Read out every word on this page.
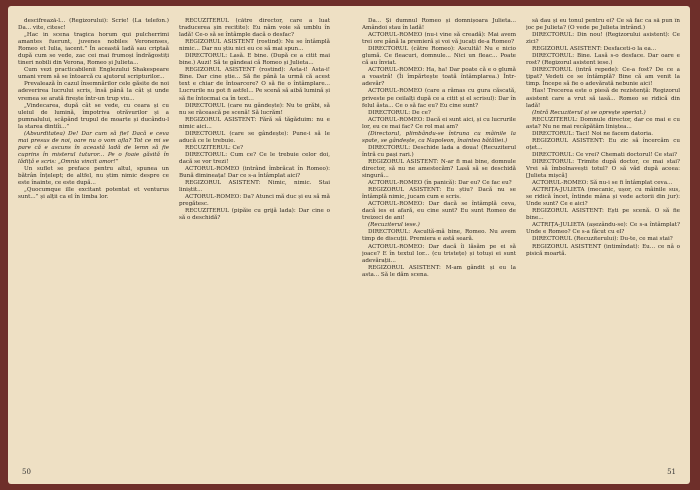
descifrează-l... (Regizorului): Scrie! (La telefon.) Da... vite, citesc!

„Hac in scena tragica horum qui pulcherrimi amantes fuerunt, juvenes nobiles Veronenses, Romeo et Iulia, iacent.” În această ladă sau criptaă după cum se vede, zac cei mai frumoși îndrăgostiți tineri nobili din Verona, Romeo și Julieta...

Cum vezi practicabilenii Englezului Shakespeare umani vrem să se întoarcă cu ajutorul scripturilor...

Prevalează în cazul însemnărilor cele găsite de noi adeverirea lucrului scris, însă până la cât și unde vremea se arată firește într-un trup viu...

„Vindecarea, după cât se vede, cu ceara și cu uleiul de lumină, împotriva otrăvurilor și a pumnalului, scăpând trupul de moarte și ducându-l la starea dintiîi...”

(Absurditatea) De! Dar cum să fie! Dacă e ceva mai presus de noi, oare nu o vom afla? Tot ce mi se pare că e ascuns în această ladă de lemn să fie cuprins în misterul tuturor... Pe o foaie găsită în lădiță e scris: „Omnia vincit amor!”

Un suflet se preface pentru altul, spunea un bătrân înțelept; de altfel, nu știm nimic despre ce este înainte, ce este după...

„Quocumque ille excitant potentat et venturus sunt...” și alții ca el în limba lor.

RECUZITERUL (către director, care a luat traducerea șin recitite): Eu nâm voie să umblu în ladă! Ce-o să se întâmple dacă o desfac?

REGIZORUL ASISTENT (rostind): Nu se întâmplă nimic... Dar nu știu nici eu ce să mai spun...

DIRECTORUL: Lasă. E bine. (După ce a citit mai bine.) Auzi! Să te gândeai că Romeo și Julieta...

REGIZORUL ASISTENT (rostind): Asta-i! Asta-i! Bine. Dar cine știe... Să fie până la urmă că acest text e chiar de întoarcere? O să fie o întâmplare... Lucrurile nu pot fi astfel... Pe scenă să aibă lumină și să fie întocmai ca în text...

DIRECTORUL (care nu gândește): Nu te grăbi, să nu se răcească pe scenă! Să lucrăm!

REGIZORUL ASISTENT: Fără să tăgăduim: nu e nimic aici...

DIRECTORUL (care se gândește): Pune-i să le aducă ce le trebuie.

RECUZITERUL: Ce?

DIRECTORUL: Cum ce? Ce le trebuie celor doi, dacă se vor trezi!

ACTORUL-ROMEO (intrând îmbrăcat în Romeo): Bună dimineața! Dar ce s-a întâmplat aici?

REGIZORUL ASISTENT: Nimic, nimic. Stai liniștit...

ACTORUL-ROMEO: Da? Atunci mă duc și eu să mă pregătesc.

RECUZITERUL (pipăie cu grijă lada): Dar cine o să o deschidă?

50

Da... Și dumnul Romeo și domnișoara Julieta... Amândoi stau în ladă!

ACTORUL-ROMEO (nu-i vine să creadă): Mai avem trei ore până la premieră și voi vă jucați de-a Romeo?

DIRECTORUL (către Romeo): Ascultă! Nu e nicio glumă. Ce fleacuri, domnule... Nici un fleac... Poate că au înviat.

ACTORUL-ROMEO: Ha, ha! Dar poate că e o glumă a voastră! (Îi împărtește toată întâmplarea.) Într-adevăr?

ACTORUL-ROMEO (care a rămas cu gura căscată, priveste pe ceilalți după ce a citit și el scrisul): Dar în felul ăsta... Ce o să fac eu? Eu cine sunt?

DIRECTORUL: De ce?

ACTORUL-ROMEO: Dacă ei sunt aici, și cu lucrurile lor, eu ce mai fac? Ce rol mai am?

(Directorul, plimbându-se întruna cu mâinile la spate, se gândește, ca Napoleon, înaintea bătăliei.)

DIRECTORUL: Deschide lada a doua! (Recuziterul întră cu pași rari.)

REGIZORUL ASISTENT: N-ar fi mai bine, domnule director, să nu ne amestecăm? Lasă să se deschidă singură...

ACTORUL-ROMEO (în panică): Dar eu? Ce fac eu?

REGIZORUL ASISTENT: Eu știu? Dacă nu se întâmplă nimic, jucam cum e scris.

ACTORUL-ROMEO: Dar dacă se întâmplă ceva, dacă ies ei afară, eu cine sunt? Eu sunt Romeo de treizeci de ani!

(Recuziterul iese.)

DIRECTORUL: Ascultă-mă bine, Romeo. Nu avem timp de discuții. Premiera e astă seară.

ACTORUL-ROMEO: Dar dacă îi lăsăm pe ei să joace? E în textul lor... (cu tristețe) și totuși ei sunt adevărații...

REGIZORUL ASISTENT: M-am gândit și eu la asta... Să le dăm scena.

să dau și eu tonul pentru ei? Ce să fac ca să pun în joc pe Julieta? (O vede pe Julieta intrând.)

DIRECTORUL: Din nou! (Regizorului asistent): Ce zici?

REGIZORUL ASISTENT: Desfaceti-o la ea...

DIRECTORUL: Bine. Lasă s-o desface. Dar oare e rost? (Regizorul asistent iese.)

DIRECTORUL (intră repede): Ce-a fost? De ce a țipat? Vedeti ce se întâmplă? Bine că am venit la timp. Începe să fie o adevărată nebunie aici!

Has! Trecerea este o piesă de rezistență: Regizorul asistent care a vrut să iasă... Romeo se ridică din ladă!

(Intră Recuziterul și se oprește speriat.)

RECUZITERUL: Domnule director, dar ce mai e cu asta? Nu ne mai recăpătăm liniștea...

DIRECTORUL: Taci! Noi ne facem datoria.

REGIZORUL ASISTENT: Eu zic să încercăm cu oțet...

DIRECTORUL: Ce vrei? Chemati doctorul! Ce stai?

DIRECTORUL: Trimite după doctor, ce mai stai? Vrei să îmbolnavești totul? O să văd după aceea: [Julieta mișcă]

ACTORUL-ROMEO: Să nu-i se fi întâmplat ceva...

ACTRIȚA-JULIETA (mecanic, ușor, cu mâinile sus, se ridică încet, întinde mâna și vede actorii din jur): Unde sunt? Ce e aici?

REGIZORUL ASISTENT: Ești pe scenă. O să fie bine...

ACTRIȚA-JULIETA (așezându-se): Ce s-a întâmplat? Unde e Romeo? Ce s-a făcut cu el?

DIRECTORUL (Recuziterului): Du-te, ce mai stai?

REGIZORUL ASISTENT (intimîndat): Eu... ce nâ o pisică moartă.

51
